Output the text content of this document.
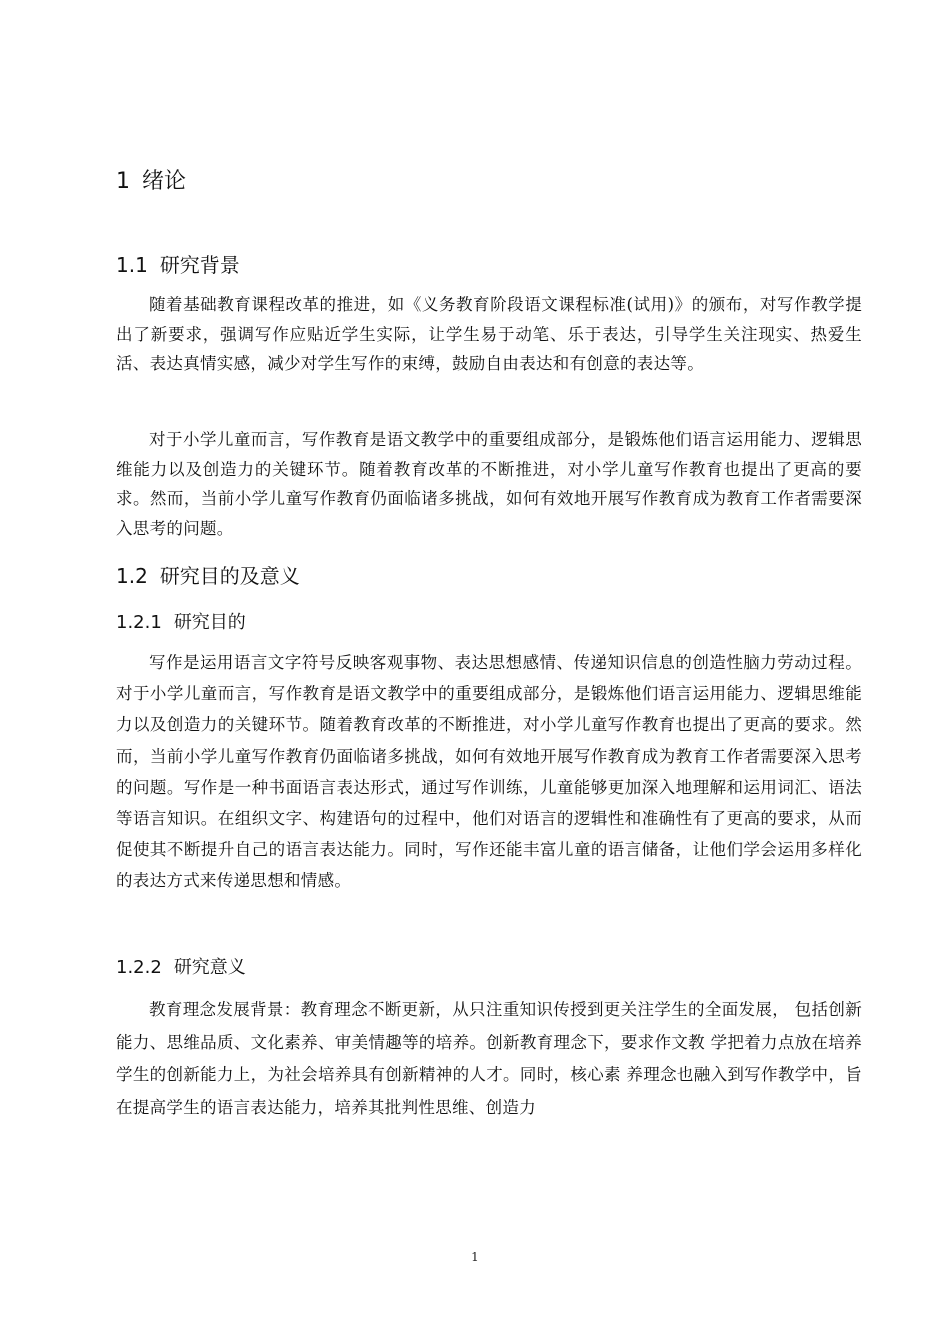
1 绪论
1.1 研究背景

随着基础教育课程改革的推进，如《义务教育阶段语文课程标准(试用)》的颁布，对写作教学提出了新要求，强调写作应贴近学生实际，让学生易于动笔、乐于表达，引导学生关注现实、热爱生活、表达真情实感，减少对学生写作的束缚，鼓励自由表达和有创意的表达等。

对于小学儿童而言，写作教育是语文教学中的重要组成部分，是锻炼他们语言运用能力、逻辑思维能力以及创造力的关键环节。随着教育改革的不断推进，对小学儿童写作教育也提出了更高的要求。然而，当前小学儿童写作教育仍面临诸多挑战，如何有效地开展写作教育成为教育工作者需要深入思考的问题。

1.2 研究目的及意义
1.2.1 研究目的

写作是运用语言文字符号反映客观事物、表达思想感情、传递知识信息的创造性脑力劳动过程。对于小学儿童而言，写作教育是语文教学中的重要组成部分，是锻炼他们语言运用能力、逻辑思维能力以及创造力的关键环节。随着教育改革的不断推进，对小学儿童写作教育也提出了更高的要求。然而，当前小学儿童写作教育仍面临诸多挑战，如何有效地开展写作教育成为教育工作者需要深入思考的问题。写作是一种书面语言表达形式，通过写作训练，儿童能够更加深入地理解和运用词汇、语法等语言知识。在组织文字、构建语句的过程中，他们对语言的逻辑性和准确性有了更高的要求，从而促使其不断提升自己的语言表达能力。同时，写作还能丰富儿童的语言储备，让他们学会运用多样化的表达方式来传递思想和情感。

1.2.2 研究意义

教育理念发展背景：教育理念不断更新，从只注重知识传授到更关注学生的全面发展， 包括创新能力、思维品质、文化素养、审美情趣等的培养。创新教育理念下，要求作文教 学把着力点放在培养学生的创新能力上，为社会培养具有创新精神的人才。同时，核心素 养理念也融入到写作教学中，旨在提高学生的语言表达能力，培养其批判性思维、创造力

1
